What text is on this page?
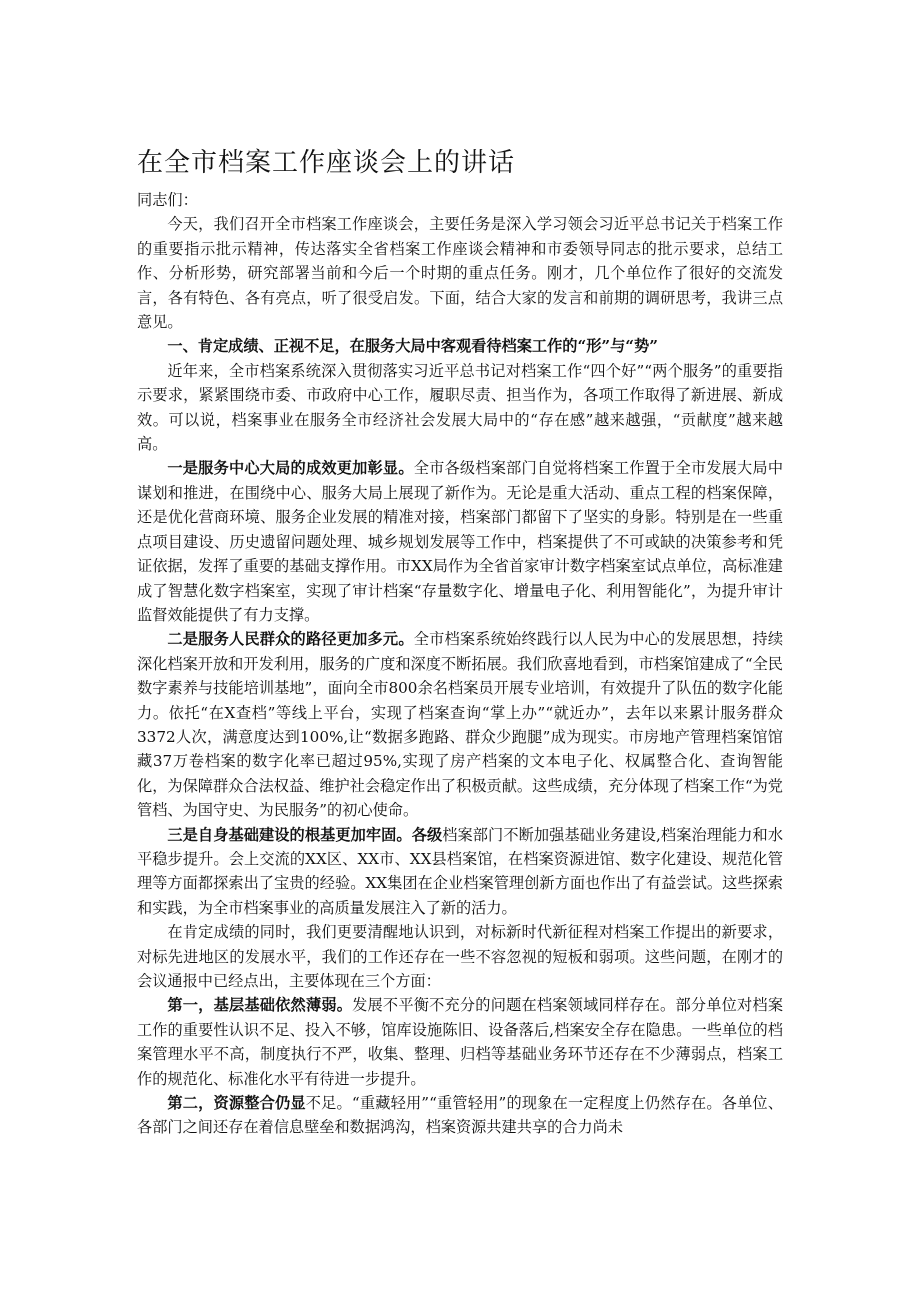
在全市档案工作座谈会上的讲话

同志们：

今天，我们召开全市档案工作座谈会，主要任务是深入学习领会习近平总书记关于档案工作的重要指示批示精神，传达落实全省档案工作座谈会精神和市委领导同志的批示要求，总结工作、分析形势，研究部署当前和今后一个时期的重点任务。刚才，几个单位作了很好的交流发言，各有特色、各有亮点，听了很受启发。下面，结合大家的发言和前期的调研思考，我讲三点意见。

一、肯定成绩、正视不足，在服务大局中客观看待档案工作的“形”与“势”

近年来，全市档案系统深入贯彻落实习近平总书记对档案工作“四个好”“两个服务”的重要指示要求，紧紧围绕市委、市政府中心工作，履职尽责、担当作为，各项工作取得了新进展、新成效。可以说，档案事业在服务全市经济社会发展大局中的“存在感”越来越强，“贡献度”越来越高。

一是服务中心大局的成效更加彰显。全市各级档案部门自觉将档案工作置于全市发展大局中谋划和推进，在围绕中心、服务大局上展现了新作为。无论是重大活动、重点工程的档案保障，还是优化营商环境、服务企业发展的精准对接，档案部门都留下了坚实的身影。特别是在一些重点项目建设、历史遗留问题处理、城乡规划发展等工作中，档案提供了不可或缺的决策参考和凭证依据，发挥了重要的基础支撑作用。市XX局作为全省首家审计数字档案室试点单位，高标准建成了智慧化数字档案室，实现了审计档案“存量数字化、增量电子化、利用智能化”，为提升审计监督效能提供了有力支撑。

二是服务人民群众的路径更加多元。全市档案系统始终践行以人民为中心的发展思想，持续深化档案开放和开发利用，服务的广度和深度不断拓展。我们欣喜地看到，市档案馆建成了“全民数字素养与技能培训基地”，面向全市800余名档案员开展专业培训，有效提升了队伍的数字化能力。依托“在X查档”等线上平台，实现了档案查询“掌上办”“就近办”，去年以来累计服务群众3372人次，满意度达到100%,让“数据多跑路、群众少跑腿”成为现实。市房地产管理档案馆馆藏37万卷档案的数字化率已超过95%,实现了房产档案的文本电子化、权属整合化、查询智能化，为保障群众合法权益、维护社会稳定作出了积极贡献。这些成绩，充分体现了档案工作“为党管档、为国守史、为民服务”的初心使命。

三是自身基础建设的根基更加牢固。各级档案部门不断加强基础业务建设,档案治理能力和水平稳步提升。会上交流的XX区、XX市、XX县档案馆，在档案资源进馆、数字化建设、规范化管理等方面都探索出了宝贵的经验。XX集团在企业档案管理创新方面也作出了有益尝试。这些探索和实践，为全市档案事业的高质量发展注入了新的活力。

在肯定成绩的同时，我们更要清醒地认识到，对标新时代新征程对档案工作提出的新要求，对标先进地区的发展水平，我们的工作还存在一些不容忽视的短板和弱项。这些问题，在刚才的会议通报中已经点出，主要体现在三个方面：

第一，基层基础依然薄弱。发展不平衡不充分的问题在档案领域同样存在。部分单位对档案工作的重要性认识不足、投入不够，馆库设施陈旧、设备落后,档案安全存在隐患。一些单位的档案管理水平不高，制度执行不严，收集、整理、归档等基础业务环节还存在不少薄弱点，档案工作的规范化、标准化水平有待进一步提升。

第二，资源整合仍显不足。“重藏轻用”“重管轻用”的现象在一定程度上仍然存在。各单位、各部门之间还存在着信息壁垒和数据鸿沟，档案资源共建共享的合力尚未
